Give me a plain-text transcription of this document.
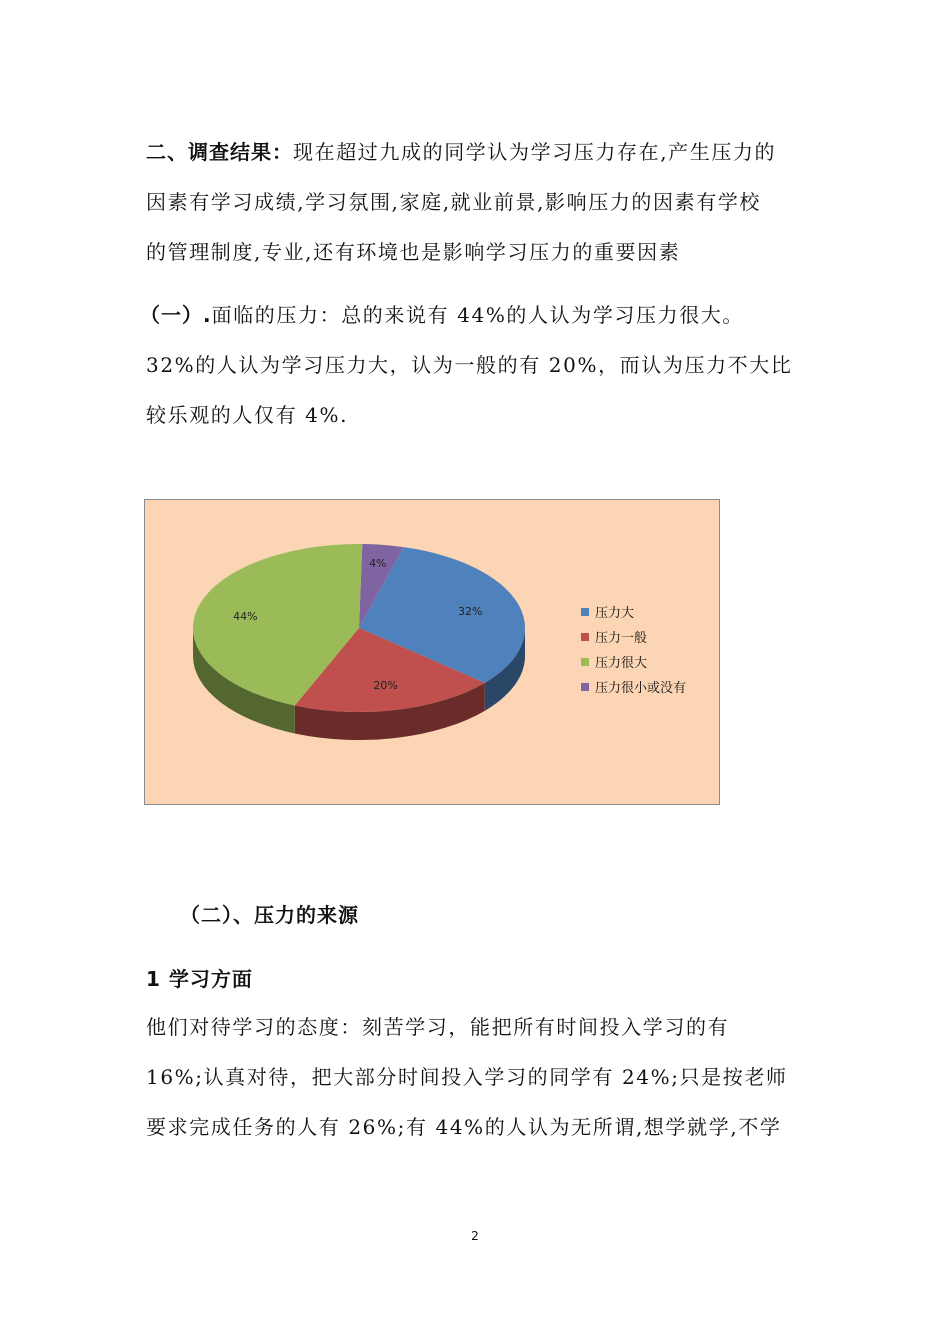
二、调查结果：现在超过九成的同学认为学习压力存在,产生压力的
因素有学习成绩,学习氛围,家庭,就业前景,影响压力的因素有学校
的管理制度,专业,还有环境也是影响学习压力的重要因素

（一）.面临的压力：总的来说有 44%的人认为学习压力很大。
32%的人认为学习压力大，认为一般的有 20%，而认为压力不大比
较乐观的人仅有 4%.

4%
32%
20%
44%	压力大
压力一般
压力很大
压力很小或没有

（二）、压力的来源

1 学习方面

他们对待学习的态度：刻苦学习，能把所有时间投入学习的有
16%;认真对待，把大部分时间投入学习的同学有 24%;只是按老师
要求完成任务的人有 26%;有 44%的人认为无所谓,想学就学,不学

2
